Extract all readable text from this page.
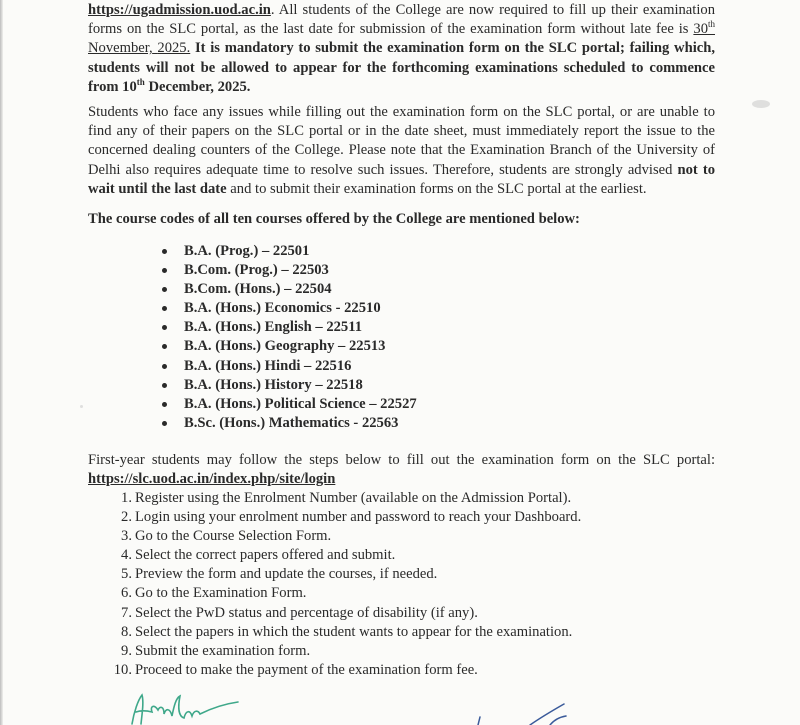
https://ugadmission.uod.ac.in. All students of the College are now required to fill up their examination forms on the SLC portal, as the last date for submission of the examination form without late fee is 30th November, 2025. It is mandatory to submit the examination form on the SLC portal; failing which, students will not be allowed to appear for the forthcoming examinations scheduled to commence from 10th December, 2025.

Students who face any issues while filling out the examination form on the SLC portal, or are unable to find any of their papers on the SLC portal or in the date sheet, must immediately report the issue to the concerned dealing counters of the College. Please note that the Examination Branch of the University of Delhi also requires adequate time to resolve such issues. Therefore, students are strongly advised not to wait until the last date and to submit their examination forms on the SLC portal at the earliest.

The course codes of all ten courses offered by the College are mentioned below:

B.A. (Prog.) – 22501
B.Com. (Prog.) – 22503
B.Com. (Hons.) – 22504
B.A. (Hons.) Economics - 22510
B.A. (Hons.) English – 22511
B.A. (Hons.) Geography – 22513
B.A. (Hons.) Hindi – 22516
B.A. (Hons.) History – 22518
B.A. (Hons.) Political Science – 22527
B.Sc. (Hons.) Mathematics - 22563

First-year students may follow the steps below to fill out the examination form on the SLC portal:
https://slc.uod.ac.in/index.php/site/login

1. Register using the Enrolment Number (available on the Admission Portal).
2. Login using your enrolment number and password to reach your Dashboard.
3. Go to the Course Selection Form.
4. Select the correct papers offered and submit.
5. Preview the form and update the courses, if needed.
6. Go to the Examination Form.
7. Select the PwD status and percentage of disability (if any).
8. Select the papers in which the student wants to appear for the examination.
9. Submit the examination form.
10. Proceed to make the payment of the examination form fee.
